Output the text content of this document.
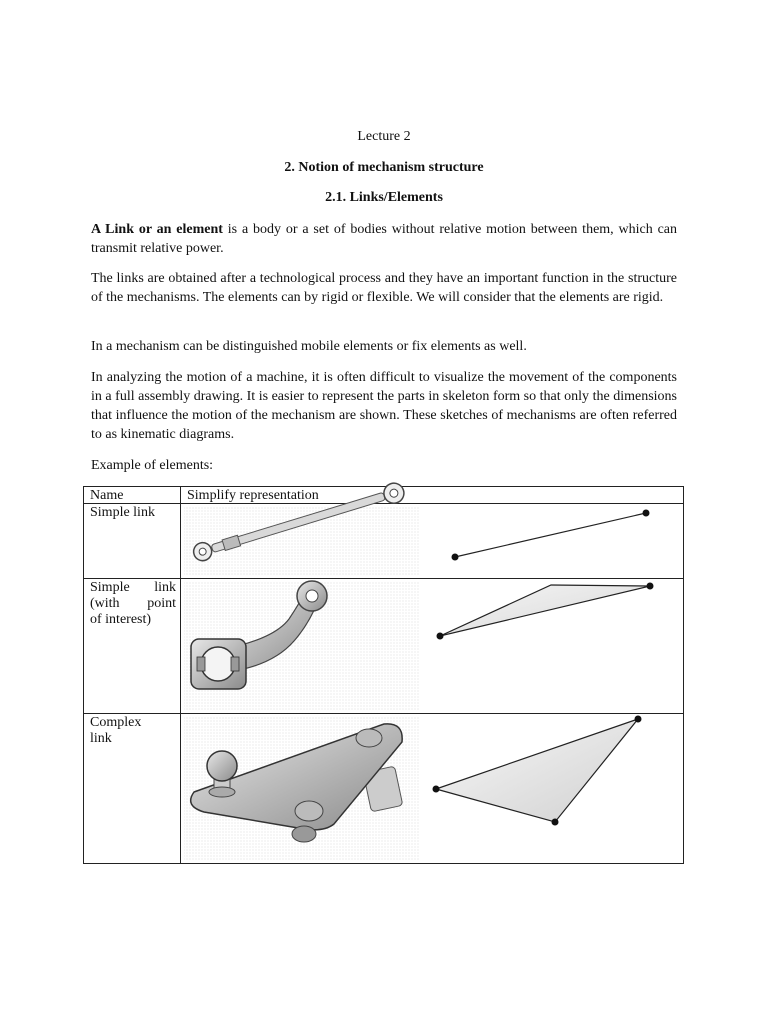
Lecture 2
2. Notion of mechanism structure
2.1. Links/Elements

A Link or an element is a body or a set of bodies without relative motion between them, which can transmit relative power.

The links are obtained after a technological process and they have an important function in the structure of the mechanisms. The elements can by rigid or flexible. We will consider that the elements are rigid.

In a mechanism can be distinguished mobile elements or fix elements as well.

In analyzing the motion of a machine, it is often difficult to visualize the movement of the components in a full assembly drawing. It is easier to represent the parts in skeleton form so that only the dimensions that influence the motion of the mechanism are shown. These sketches of mechanisms are often referred to as kinematic diagrams.

Example of elements:
Name	Simplify representation
Simple link
Simple link
(with point
of interest)
Complex
link
